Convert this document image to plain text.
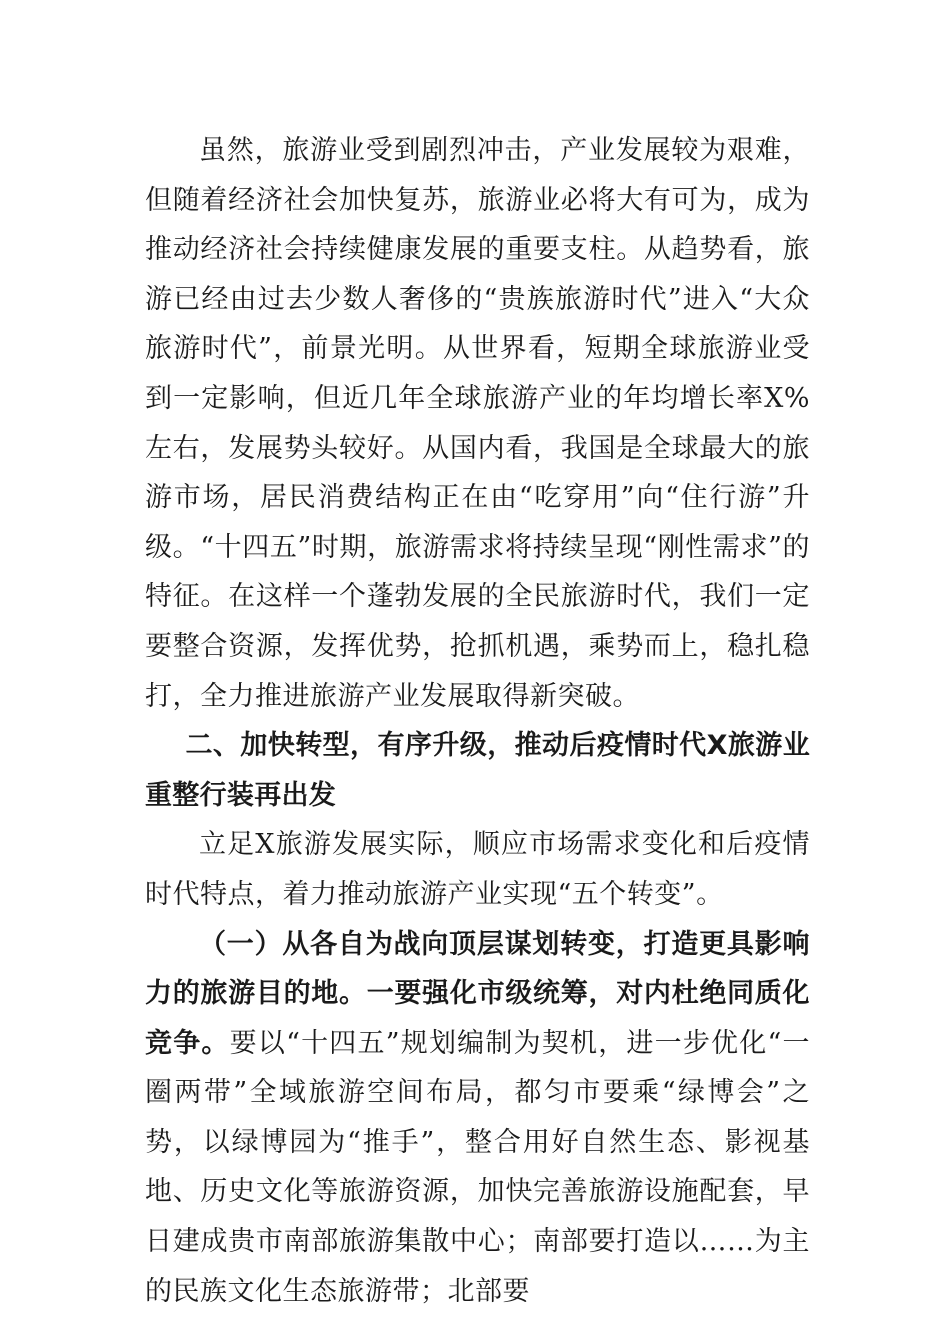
虽然，旅游业受到剧烈冲击，产业发展较为艰难，但随着经济社会加快复苏，旅游业必将大有可为，成为推动经济社会持续健康发展的重要支柱。从趋势看，旅游已经由过去少数人奢侈的“贵族旅游时代”进入“大众旅游时代”，前景光明。从世界看，短期全球旅游业受到一定影响，但近几年全球旅游产业的年均增长率X%左右，发展势头较好。从国内看，我国是全球最大的旅游市场，居民消费结构正在由“吃穿用”向“住行游”升级。“十四五”时期，旅游需求将持续呈现“刚性需求”的特征。在这样一个蓬勃发展的全民旅游时代，我们一定要整合资源，发挥优势，抢抓机遇，乘势而上，稳扎稳打，全力推进旅游产业发展取得新突破。

二、加快转型，有序升级，推动后疫情时代X旅游业重整行装再出发

立足X旅游发展实际，顺应市场需求变化和后疫情时代特点，着力推动旅游产业实现“五个转变”。

（一）从各自为战向顶层谋划转变，打造更具影响力的旅游目的地。一要强化市级统筹，对内杜绝同质化竞争。要以“十四五”规划编制为契机，进一步优化“一圈两带”全域旅游空间布局，都匀市要乘“绿博会”之势，以绿博园为“推手”，整合用好自然生态、影视基地、历史文化等旅游资源，加快完善旅游设施配套，早日建成贵市南部旅游集散中心；南部要打造以……为主的民族文化生态旅游带；北部要
